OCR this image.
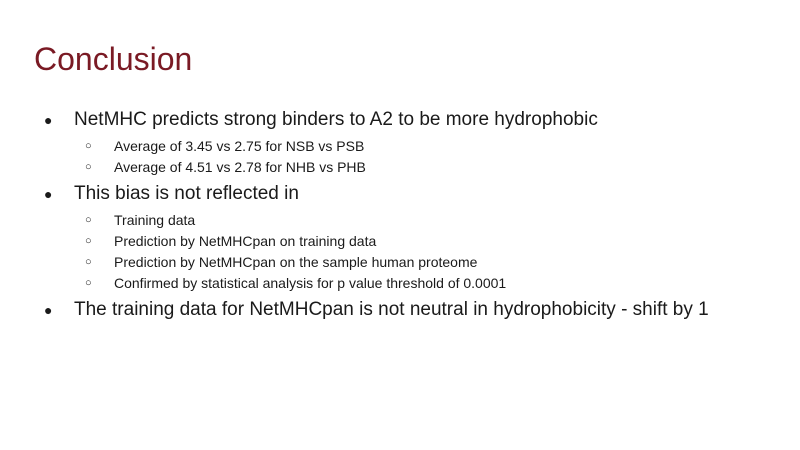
Conclusion
● NetMHC predicts strong binders to A2 to be more hydrophobic
○ Average of 3.45 vs 2.75 for NSB vs PSB
○ Average of 4.51 vs 2.78 for NHB vs PHB
● This bias is not reflected in
○ Training data
○ Prediction by NetMHCpan on training data
○ Prediction by NetMHCpan on the sample human proteome
○ Confirmed by statistical analysis for p value threshold of 0.0001
● The training data for NetMHCpan is not neutral in hydrophobicity - shift by 1
